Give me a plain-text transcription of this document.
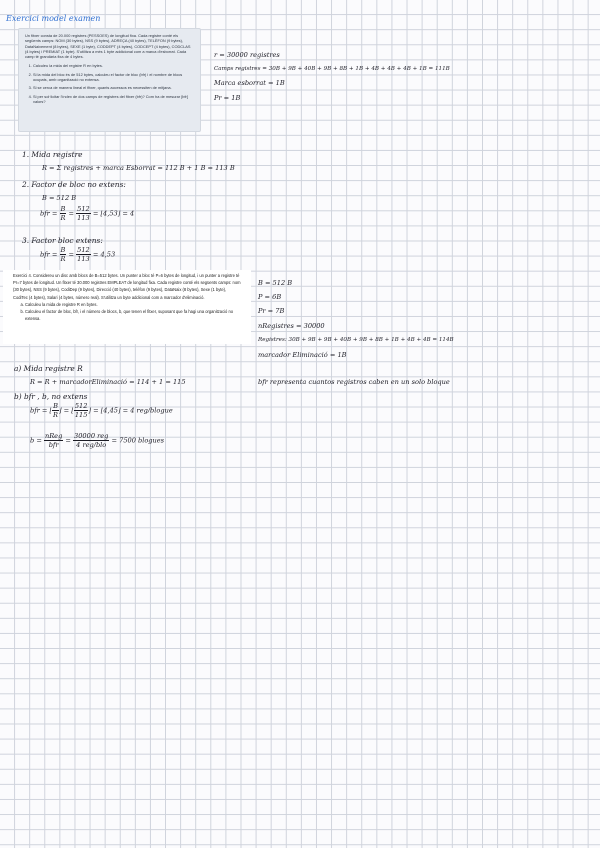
Exercici model examen

Un fitxer consta de 20.000 registres (PESSOES) de longitud fixa. Cada registre conté els següents camps: NOM (30 bytes), NSS (9 bytes), ADREÇA (40 bytes), TELÈFON (9 bytes), DataNaixement (8 bytes), SEXE (1 byte), CODDEPT (4 bytes), CODCEPT (4 bytes), CODCLAS (4 bytes) i PREMIAT (1 byte). S'utilitza a més 1 byte addicional com a marca d'esborrat. Cada camp té grandària fixa de 4 bytes.

1. Calculeu la mida del registre R en bytes.
2. Si la mida del bloc és de 512 bytes, calculeu el factor de bloc (bfr) i el nombre de blocs ocupats, amb organització no extensa.
3. Si se cerca de manera lineal el fitxer, quants accessos es necessiten de mitjana.
4. Si per sol·licitar l'índex de dos camps de registres del fitxer (bfr)? Com ha de mesurar [bfr] valors?
r = 30000 registres
Camps registres = 30B + 9B + 40B + 9B + 8B + 1B + 4B + 4B + 4B + 1B = 111B
Marca esborrat = 1B
Pr = 1B
1. Mida registre
R = Σ registres + marca Esborrat = 112 B + 1 B = 113 B
2. Factor de bloc no extens:
B = 512 B
bfr = $\frac{B}{R} = \frac{512}{113}$ = ⌊4,53⌋ = 4
3. Factor bloc extens:
bfr = $\frac{B}{R} = \frac{512}{113} = 4,53$

Exercici 4. Considereu un disc amb blocs de B=512 bytes. Un punter a bloc té P=6 bytes de longitud, i un punter a registre té Pr=7 bytes de longitud. Un fitxer té 30.000 registres EMPLEAT de longitud fixa. Cada registre conté els següents camps: nom (30 bytes), NSS (9 bytes), CodiDep (9 bytes), Direcció (40 bytes), telèfon (9 bytes), DataNaix (8 bytes), Sexe (1 byte), CodiTec (4 bytes), Salari (4 bytes, número real). S'utilitza un byte addicional com a marcador d'eliminació.

a. Calculeu la mida de registre R en bytes.
b. Calculeu el factor de bloc, bfr, i el número de blocs, b, que tenen el fitxer, suposant que fa hagi una organització no extensa.
B = 512 B
P = 6B
Pr = 7B
nRegistres = 30000
Registres: 30B + 9B + 9B + 40B + 9B + 8B + 1B + 4B + 4B = 114B
marcador Eliminació = 1B
a) Mida registre R
R = R + marcadorEliminació = 114 + 1 = 115
b) bfr , b, no extens
bfr = ⌊ $\frac{B}{R}$ ⌋ = ⌊ $\frac{512}{115}$ ⌋ = ⌊4,45⌋ = 4 reg/blogue
$b = \frac{\text{nReg}}{\text{bfr}} = \frac{\text{30000 reg}}{\text{4 reg/blo}} = 7500$ blogues
bfr representa cuantos registros caben en un solo bloque
